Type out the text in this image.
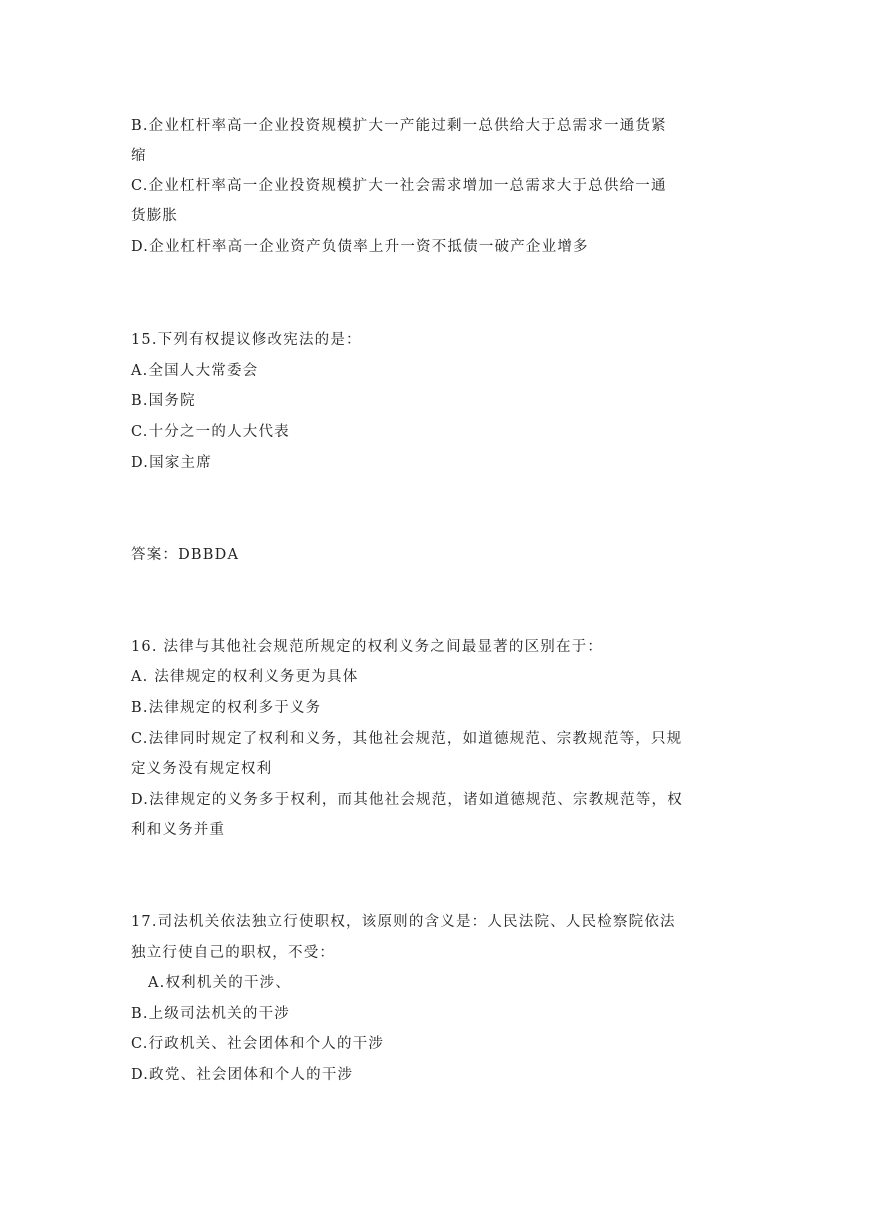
B.企业杠杆率高一企业投资规模扩大一产能过剩一总供给大于总需求一通货紧
缩
C.企业杠杆率高一企业投资规模扩大一社会需求增加一总需求大于总供给一通
货膨胀
D.企业杠杆率高一企业资产负债率上升一资不抵债一破产企业增多
15.下列有权提议修改宪法的是：
A.全国人大常委会
B.国务院
C.十分之一的人大代表
D.国家主席
答案：DBBDA
16. 法律与其他社会规范所规定的权利义务之间最显著的区别在于：
A. 法律规定的权利义务更为具体
B.法律规定的权利多于义务
C.法律同时规定了权利和义务，其他社会规范，如道德规范、宗教规范等，只规
定义务没有规定权利
D.法律规定的义务多于权利，而其他社会规范，诸如道德规范、宗教规范等，权
利和义务并重
17.司法机关依法独立行使职权，该原则的含义是：人民法院、人民检察院依法
独立行使自己的职权，不受：
A.权利机关的干涉、
B.上级司法机关的干涉
C.行政机关、社会团体和个人的干涉
D.政党、社会团体和个人的干涉
